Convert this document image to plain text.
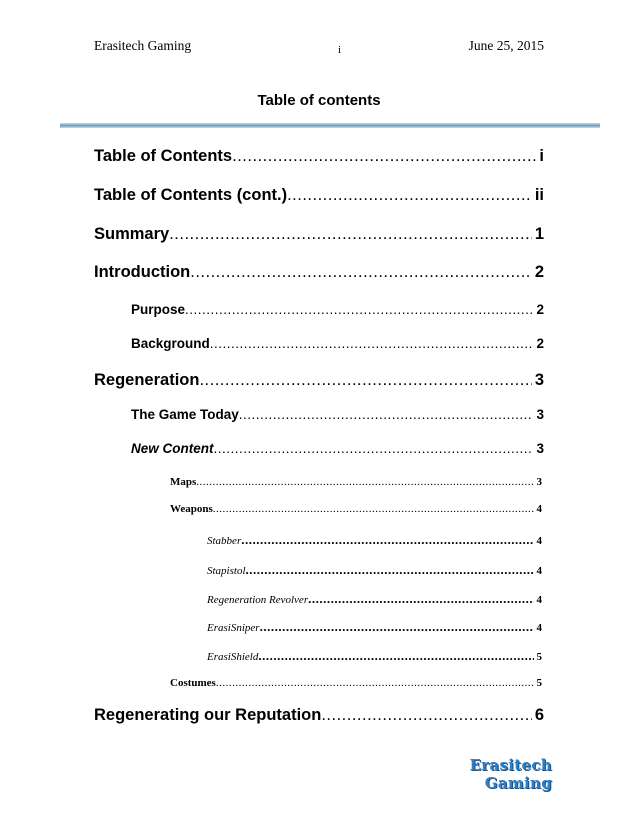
Erasitech Gaming	i	June 25, 2015
Table of contents
Table of Contents .....	i
Table of Contents (cont.) .....	ii
Summary .....	1
Introduction .....	2
Purpose .....	2
Background .....	2
Regeneration .....	3
The Game Today .....	3
New Content .....	3
Maps .....	3
Weapons .....	4
Stabber .....	4
Stapistol .....	4
Regeneration Revolver .....	4
ErasiSniper .....	4
ErasiShield .....	5
Costumes .....	5
Regenerating our Reputation .....	6
Erasitech Gaming
